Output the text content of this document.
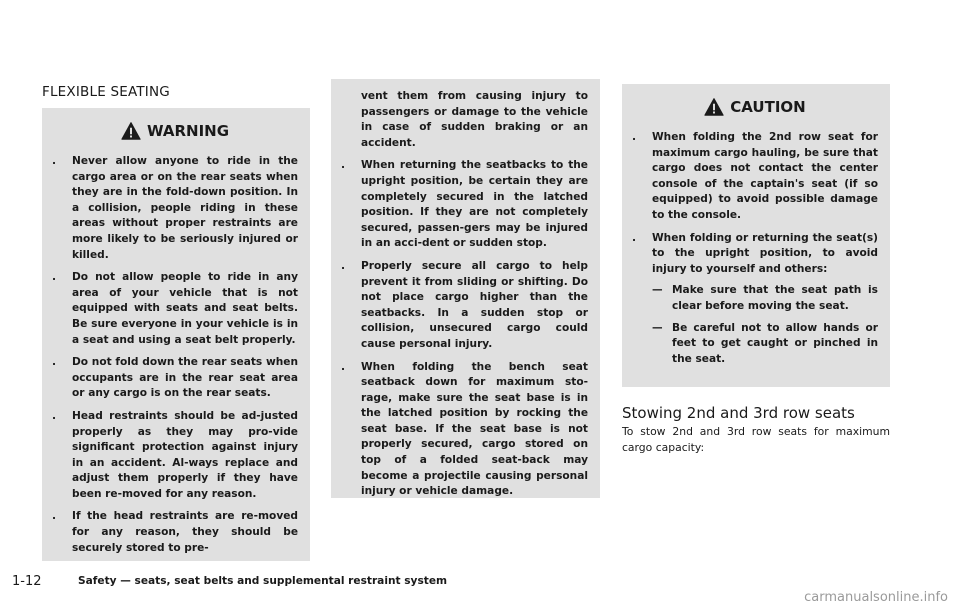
FLEXIBLE SEATING
WARNING
.	Never allow anyone to ride in the cargo area or on the rear seats when they are in the fold-down position. In a collision, people riding in these areas without proper restraints are more likely to be seriously injured or killed.
.	Do not allow people to ride in any area of your vehicle that is not equipped with seats and seat belts. Be sure everyone in your vehicle is in a seat and using a seat belt properly.
.	Do not fold down the rear seats when occupants are in the rear seat area or any cargo is on the rear seats.
.	Head restraints should be ad-justed properly as they may pro-vide significant protection against injury in an accident. Al-ways replace and adjust them properly if they have been re-moved for any reason.
.	If the head restraints are re-moved for any reason, they should be securely stored to pre-
vent them from causing injury to passengers or damage to the vehicle in case of sudden braking or an accident.
.	When returning the seatbacks to the upright position, be certain they are completely secured in the latched position. If they are not completely secured, passen-gers may be injured in an acci-dent or sudden stop.
.	Properly secure all cargo to help prevent it from sliding or shifting. Do not place cargo higher than the seatbacks. In a sudden stop or collision, unsecured cargo could cause personal injury.
.	When folding the bench seat seatback down for maximum sto-rage, make sure the seat base is in the latched position by rocking the seat base. If the seat base is not properly secured, cargo stored on top of a folded seat-back may become a projectile causing personal injury or vehicle damage.
CAUTION
.	When folding the 2nd row seat for maximum cargo hauling, be sure that cargo does not contact the center console of the captain's seat (if so equipped) to avoid possible damage to the console.
.	When folding or returning the seat(s) to the upright position, to avoid injury to yourself and others:
— Make sure that the seat path is clear before moving the seat.
— Be careful not to allow hands or feet to get caught or pinched in the seat.
Stowing 2nd and 3rd row seats
To stow 2nd and 3rd row seats for maximum cargo capacity:
1-12	Safety — seats, seat belts and supplemental restraint system
carmanualsonline.info
